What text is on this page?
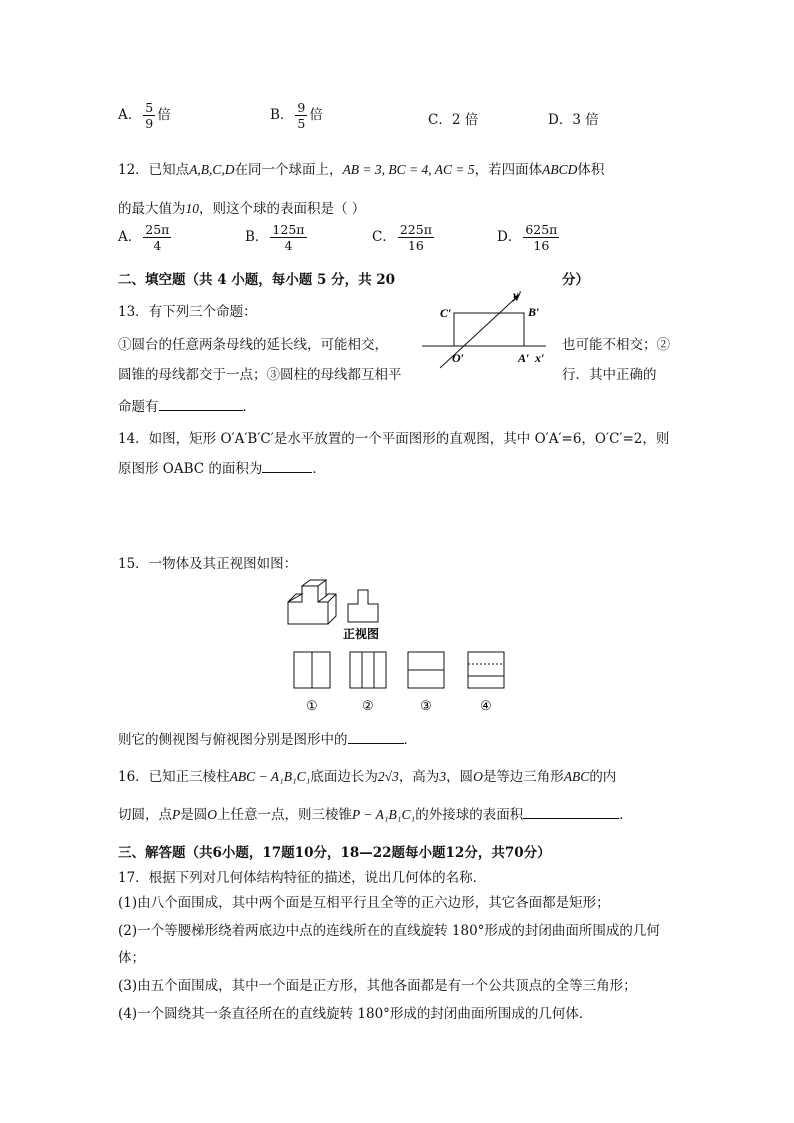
A． $\frac{5}{9}$ 倍	B． $\frac{9}{5}$ 倍	C．2 倍	D．3 倍
12．已知点A,B,C,D在同一个球面上，AB = 3, BC = 4, AC = 5，若四面体ABCD体积
的最大值为10，则这个球的表面积是（ ）
A． $\frac{25\pi}{4}$	B． $\frac{125\pi}{4}$	C． $\frac{225\pi}{16}$	D． $\frac{625\pi}{16}$
二、填空题（共 4 小题，每小题 5 分，共 20	分）
13．有下列三个命题：
①圆台的任意两条母线的延长线，可能相交，	也可能不相交；②
圆锥的母线都交于一点；③圆柱的母线都互相平	行．其中正确的
命题有	．
C′	B′
y′
O′	A′ x′
14．如图，矩形 O′A′B′C′是水平放置的一个平面图形的直观图，其中 O′A′=6，O′C′=2，则
原图形 OABC 的面积为	．
15．一物体及其正视图如图：
正视图
①	②	③	④
则它的侧视图与俯视图分别是图形中的	．
16．已知正三棱柱ABC − A₁B₁C₁底面边长为2√3，高为3，圆O是等边三角形ABC的内
切圆，点P是圆O上任意一点，则三棱锥P − A₁B₁C₁的外接球的表面积	．
三、解答题（共6小题，17题10分，18—22题每小题12分，共70分）
17．根据下列对几何体结构特征的描述，说出几何体的名称．
(1)由八个面围成，其中两个面是互相平行且全等的正六边形，其它各面都是矩形；
(2)一个等腰梯形绕着两底边中点的连线所在的直线旋转 180°形成的封闭曲面所围成的几何
体；
(3)由五个面围成，其中一个面是正方形，其他各面都是有一个公共顶点的全等三角形；
(4)一个圆绕其一条直径所在的直线旋转 180°形成的封闭曲面所围成的几何体．
